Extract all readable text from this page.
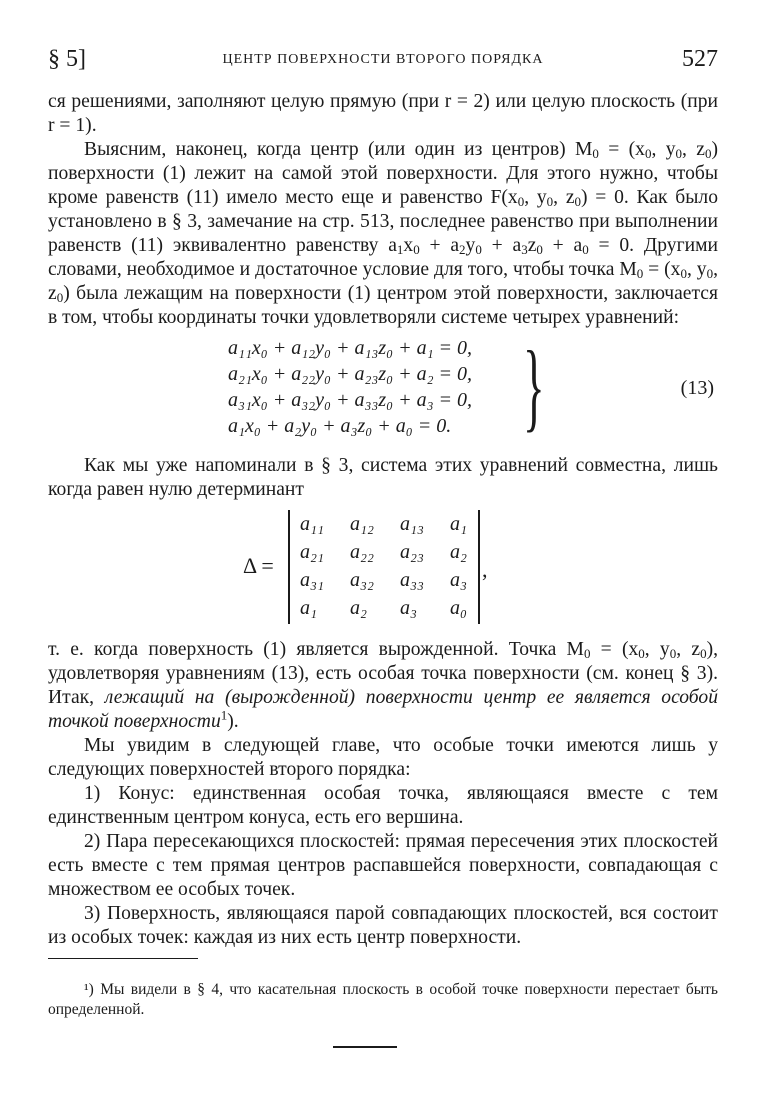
§ 5]	ЦЕНТР ПОВЕРХНОСТИ ВТОРОГО ПОРЯДКА	527

ся решениями, заполняют целую прямую (при r = 2) или целую плоскость (при r = 1).

Выясним, наконец, когда центр (или один из центров) $M_0 = (x_0$, $y_0$, $z_0$) поверхности (1) лежит на самой этой поверхности. Для этого нужно, чтобы кроме равенств (11) имело место еще и равенство $F(x_0$, $y_0$, $z_0) = 0$. Как было установлено в § 3, замечание на стр. 513, последнее равенство при выполнении равенств (11) эквивалентно равенству $a_1x_0 + a_2y_0 + a_3z_0 + a_0 = 0$. Другими словами, необходимое и достаточное условие для того, чтобы точка $M_0 = (x_0$, $y_0$, $z_0$) была лежащим на поверхности (1) центром этой поверхности, заключается в том, чтобы координаты точки удовлетворяли системе четырех уравнений:

a₁₁x₀ + a₁₂y₀ + a₁₃z₀ + a₁ = 0,
a₂₁x₀ + a₂₂y₀ + a₂₃z₀ + a₂ = 0,
a₃₁x₀ + a₃₂y₀ + a₃₃z₀ + a₃ = 0,
a₁x₀ + a₂y₀ + a₃z₀ + a₀ = 0. }	(13)

Как мы уже напоминали в § 3, система этих уравнений совместна, лишь когда равен нулю детерминант

Δ =
a₁₁	a₁₂	a₁₃	a₁
a₂₁	a₂₂	a₂₃	a₂
a₃₁	a₃₂	a₃₃	a₃
a₁	a₂	a₃	a₀
,

т. е. когда поверхность (1) является вырожденной. Точка $M_0 = (x_0$, $y_0$, $z_0$), удовлетворяя уравнениям (13), есть особая точка поверхности (см. конец § 3). Итак, лежащий на (вырожденной) поверхности центр ее является особой точкой поверхности$^1$).

Мы увидим в следующей главе, что особые точки имеются лишь у следующих поверхностей второго порядка:

1) Конус: единственная особая точка, являющаяся вместе с тем единственным центром конуса, есть его вершина.

2) Пара пересекающихся плоскостей: прямая пересечения этих плоскостей есть вместе с тем прямая центров распавшейся поверхности, совпадающая с множеством ее особых точек.

3) Поверхность, являющаяся парой совпадающих плоскостей, вся состоит из особых точек: каждая из них есть центр поверхности.

¹) Мы видели в § 4, что касательная плоскость в особой точке поверхности перестает быть определенной.
